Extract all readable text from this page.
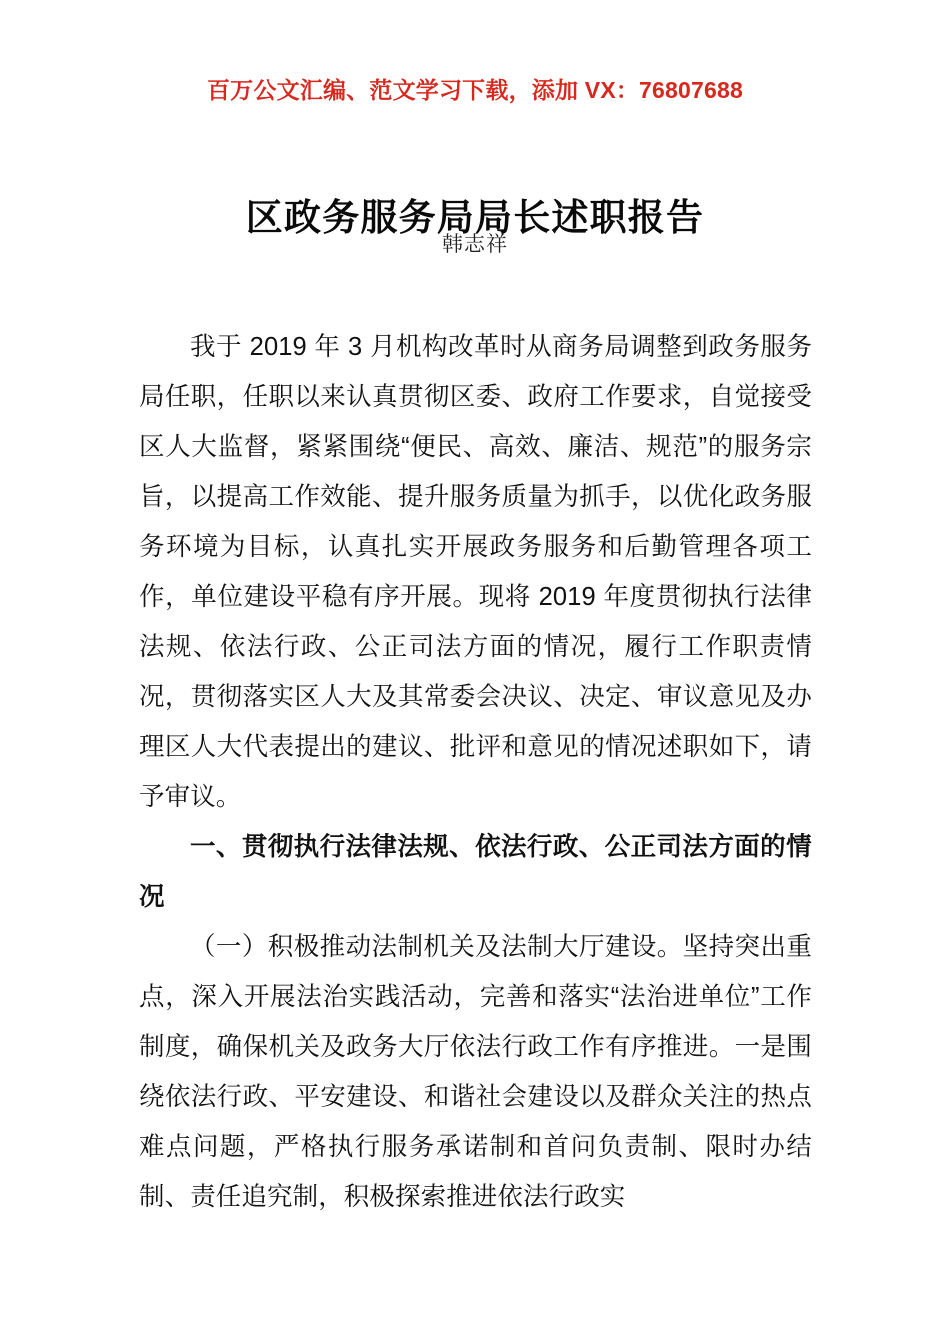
百万公文汇编、范文学习下载，添加 VX：76807688
区政务服务局局长述职报告
韩志祥

我于 2019 年 3 月机构改革时从商务局调整到政务服务局任职，任职以来认真贯彻区委、政府工作要求，自觉接受区人大监督，紧紧围绕“便民、高效、廉洁、规范”的服务宗旨，以提高工作效能、提升服务质量为抓手，以优化政务服务环境为目标，认真扎实开展政务服务和后勤管理各项工作，单位建设平稳有序开展。现将 2019 年度贯彻执行法律法规、依法行政、公正司法方面的情况，履行工作职责情况，贯彻落实区人大及其常委会决议、决定、审议意见及办理区人大代表提出的建议、批评和意见的情况述职如下，请予审议。

一、贯彻执行法律法规、依法行政、公正司法方面的情况

（一）积极推动法制机关及法制大厅建设。坚持突出重点，深入开展法治实践活动，完善和落实“法治进单位”工作制度，确保机关及政务大厅依法行政工作有序推进。一是围绕依法行政、平安建设、和谐社会建设以及群众关注的热点难点问题，严格执行服务承诺制和首问负责制、限时办结制、责任追究制，积极探索推进依法行政实
